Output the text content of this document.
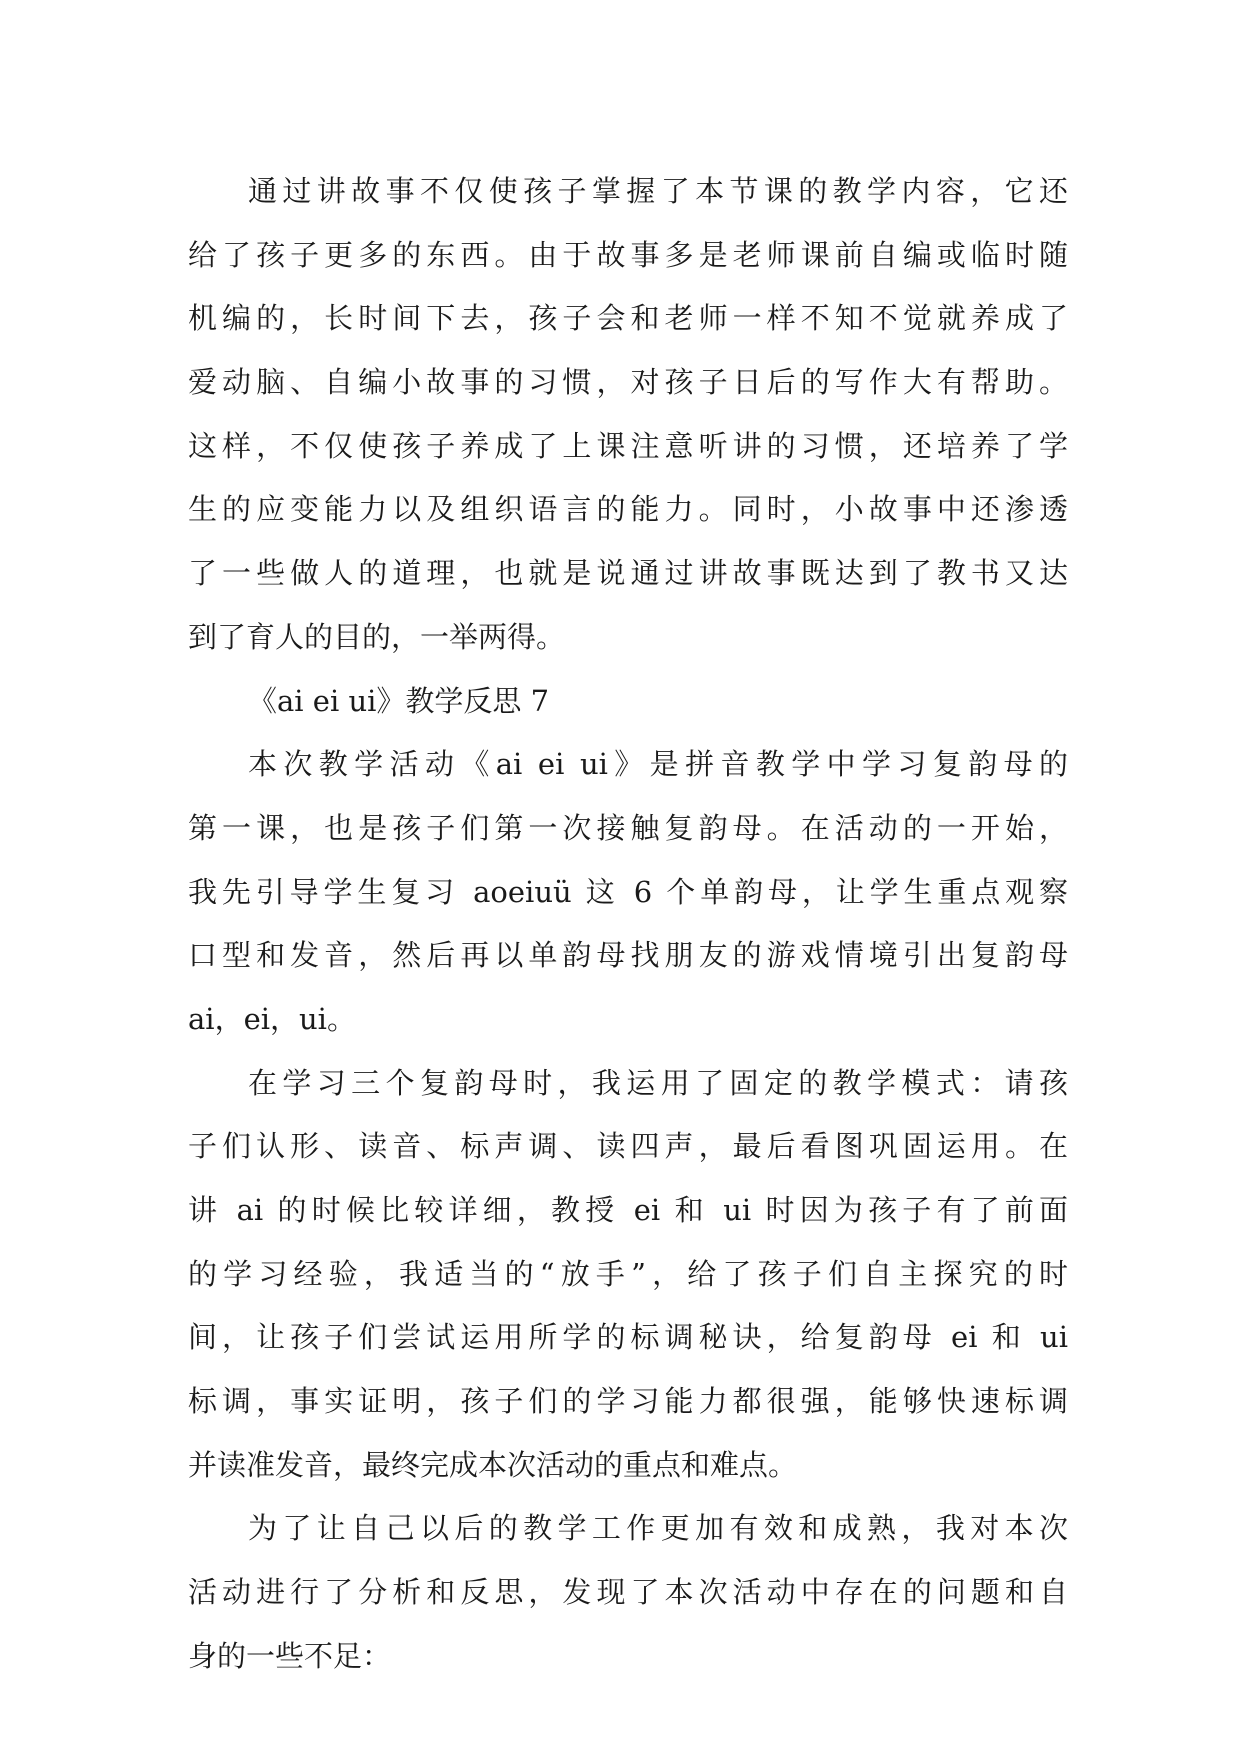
通过讲故事不仅使孩子掌握了本节课的教学内容，它还
给了孩子更多的东西。由于故事多是老师课前自编或临时随
机编的，长时间下去，孩子会和老师一样不知不觉就养成了
爱动脑、自编小故事的习惯，对孩子日后的写作大有帮助。
这样，不仅使孩子养成了上课注意听讲的习惯，还培养了学
生的应变能力以及组织语言的能力。同时，小故事中还渗透
了一些做人的道理，也就是说通过讲故事既达到了教书又达
到了育人的目的，一举两得。
《ai ei ui》教学反思 7
本次教学活动《ai ei ui》是拼音教学中学习复韵母的
第一课，也是孩子们第一次接触复韵母。在活动的一开始，
我先引导学生复习 aoeiuü 这 6 个单韵母，让学生重点观察
口型和发音，然后再以单韵母找朋友的游戏情境引出复韵母
ai，ei，ui。
在学习三个复韵母时，我运用了固定的教学模式：请孩
子们认形、读音、标声调、读四声，最后看图巩固运用。在
讲 ai 的时候比较详细，教授 ei 和 ui 时因为孩子有了前面
的学习经验，我适当的“放手”，给了孩子们自主探究的时
间，让孩子们尝试运用所学的标调秘诀，给复韵母 ei 和 ui
标调，事实证明，孩子们的学习能力都很强，能够快速标调
并读准发音，最终完成本次活动的重点和难点。
为了让自己以后的教学工作更加有效和成熟，我对本次
活动进行了分析和反思，发现了本次活动中存在的问题和自
身的一些不足：
